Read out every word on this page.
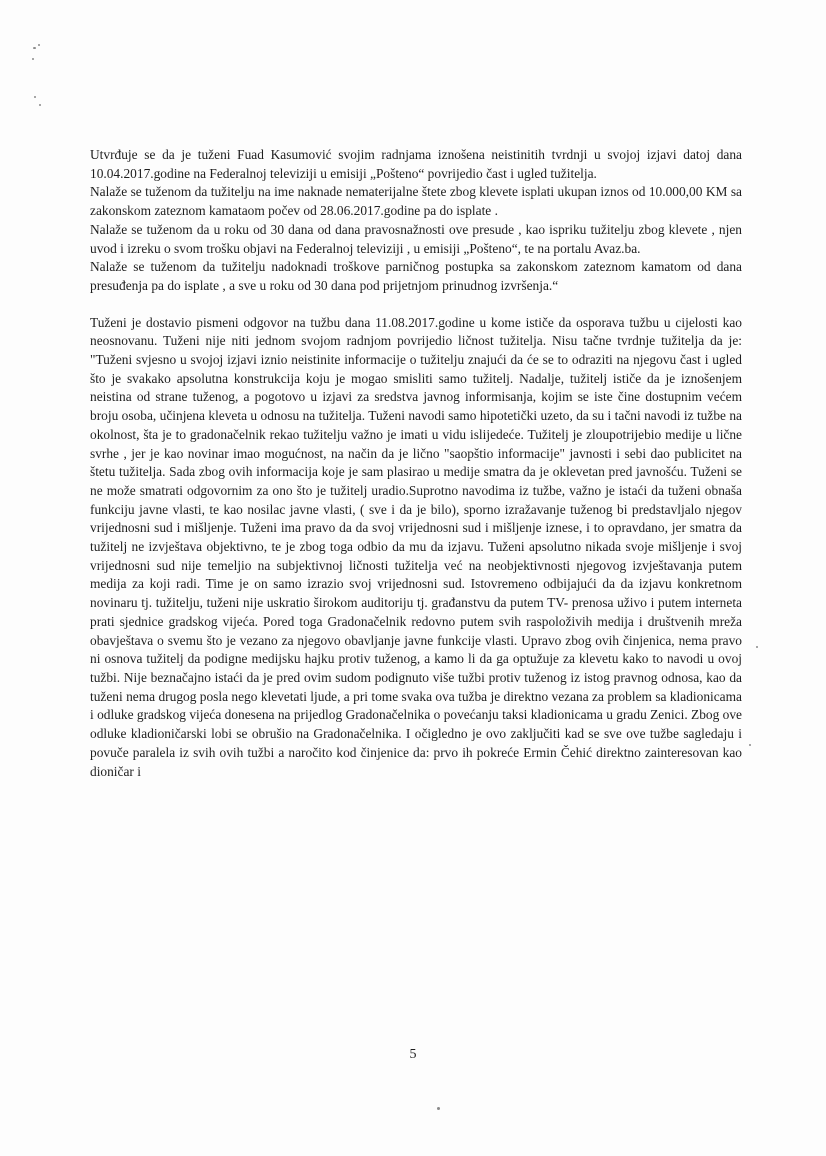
Utvrđuje se da je tuženi Fuad Kasumović svojim radnjama iznošena neistinitih tvrdnji u svojoj izjavi datoj dana 10.04.2017.godine na Federalnoj televiziji u emisiji „Pošteno“ povrijedio čast i ugled tužitelja.

Nalaže se tuženom da tužitelju na ime naknade nematerijalne štete zbog klevete isplati ukupan iznos od 10.000,00 KM sa zakonskom zateznom kamataom počev od 28.06.2017.godine pa do isplate .

Nalaže se tuženom da u roku od 30 dana od dana pravosnažnosti ove presude , kao ispriku tužitelju zbog klevete , njen uvod i izreku o svom trošku objavi na Federalnoj televiziji , u emisiji „Pošteno“, te na portalu Avaz.ba.

Nalaže se tuženom da tužitelju nadoknadi troškove parničnog postupka sa zakonskom zateznom kamatom od dana presuđenja pa do isplate , a sve u roku od 30 dana pod prijetnjom prinudnog izvršenja.“

Tuženi je dostavio pismeni odgovor na tužbu dana 11.08.2017.godine u kome ističe da osporava tužbu u cijelosti kao neosnovanu. Tuženi nije niti jednom svojom radnjom povrijedio ličnost tužitelja. Nisu tačne tvrdnje tužitelja da je: "Tuženi svjesno u svojoj izjavi iznio neistinite informacije o tužitelju znajući da će se to odraziti na njegovu čast i ugled što je svakako apsolutna konstrukcija koju je mogao smisliti samo tužitelj. Nadalje, tužitelj ističe da je iznošenjem neistina od strane tuženog, a pogotovo u izjavi za sredstva javnog informisanja, kojim se iste čine dostupnim većem broju osoba, učinjena kleveta u odnosu na tužitelja. Tuženi navodi samo hipotetički uzeto, da su i tačni navodi iz tužbe na okolnost, šta je to gradonačelnik rekao tužitelju važno je imati u vidu islijedeće. Tužitelj je zloupotrijebio medije u lične svrhe , jer je kao novinar imao mogućnost, na način da je lično "saopštio informacije" javnosti i sebi dao publicitet na štetu tužitelja. Sada zbog ovih informacija koje je sam plasirao u medije smatra da je oklevetan pred javnošću. Tuženi se ne može smatrati odgovornim za ono što je tužitelj uradio.Suprotno navodima iz tužbe, važno je istaći da tuženi obnaša funkciju javne vlasti, te kao nosilac javne vlasti, ( sve i da je bilo), sporno izražavanje tuženog bi predstavljalo njegov vrijednosni sud i mišljenje. Tuženi ima pravo da da svoj vrijednosni sud i mišljenje iznese, i to opravdano, jer smatra da tužitelj ne izvještava objektivno, te je zbog toga odbio da mu da izjavu. Tuženi apsolutno nikada svoje mišljenje i svoj vrijednosni sud nije temeljio na subjektivnoj ličnosti tužitelja već na neobjektivnosti njegovog izvještavanja putem medija za koji radi. Time je on samo izrazio svoj vrijednosni sud. Istovremeno odbijajući da da izjavu konkretnom novinaru tj. tužitelju, tuženi nije uskratio širokom auditoriju tj. građanstvu da putem TV- prenosa uživo i putem interneta prati sjednice gradskog vijeća. Pored toga Gradonačelnik redovno putem svih raspoloživih medija i društvenih mreža obavještava o svemu što je vezano za njegovo obavljanje javne funkcije vlasti. Upravo zbog ovih činjenica, nema pravo ni osnova tužitelj da podigne medijsku hajku protiv tuženog, a kamo li da ga optužuje za klevetu kako to navodi u ovoj tužbi. Nije beznačajno istaći da je pred ovim sudom podignuto više tužbi protiv tuženog iz istog pravnog odnosa, kao da tuženi nema drugog posla nego klevetati ljude, a pri tome svaka ova tužba je direktno vezana za problem sa kladionicama i odluke gradskog vijeća donesena na prijedlog Gradonačelnika o povećanju taksi kladionicama u gradu Zenici. Zbog ove odluke kladioničarski lobi se obrušio na Gradonačelnika. I očigledno je ovo zaključiti kad se sve ove tužbe sagledaju i povuče paralela iz svih ovih tužbi a naročito kod činjenice da: prvo ih pokreće Ermin Čehić direktno zainteresovan kao dioničar i

5
